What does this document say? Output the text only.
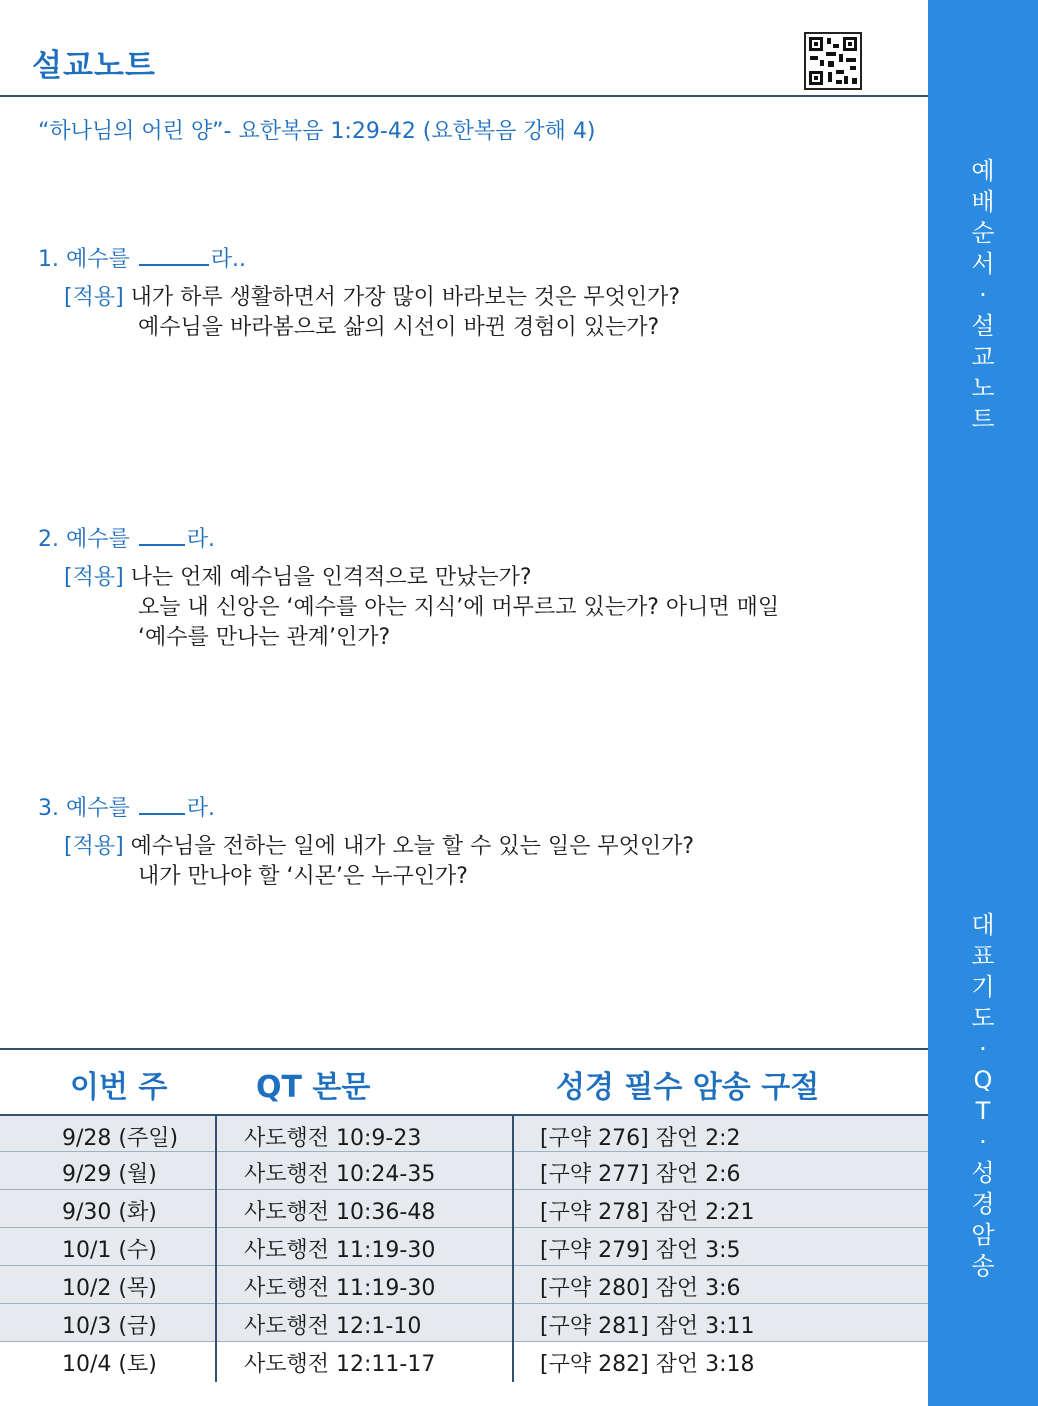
설교노트
“하나님의 어린 양”- 요한복음 1:29-42 (요한복음 강해 4)
1. 예수를	라..
[적용] 내가 하루 생활하면서 가장 많이 바라보는 것은 무엇인가?
예수님을 바라봄으로 삶의 시선이 바뀐 경험이 있는가?
2. 예수를 라.
[적용] 나는 언제 예수님을 인격적으로 만났는가?
오늘 내 신앙은 ‘예수를 아는 지식’에 머무르고 있는가? 아니면 매일
‘예수를 만나는 관계’인가?
3. 예수를 라.
[적용] 예수님을 전하는 일에 내가 오늘 할 수 있는 일은 무엇인가?
내가 만나야 할 ‘시몬’은 누구인가?
이번 주	QT 본문	성경 필수 암송 구절
9/28 (주일)	사도행전 10:9-23	[구약 276] 잠언 2:2
9/29 (월)	사도행전 10:24-35	[구약 277] 잠언 2:6
9/30 (화)	사도행전 10:36-48	[구약 278] 잠언 2:21
10/1 (수)	사도행전 11:19-30	[구약 279] 잠언 3:5
10/2 (목)	사도행전 11:19-30	[구약 280] 잠언 3:6
10/3 (금)	사도행전 12:1-10	[구약 281] 잠언 3:11
10/4 (토)	사도행전 12:11-17	[구약 282] 잠언 3:18
예
배
순
서
·
설
교
노
트
대
표
기
도
·
Q
T
·
성
경
암
송
